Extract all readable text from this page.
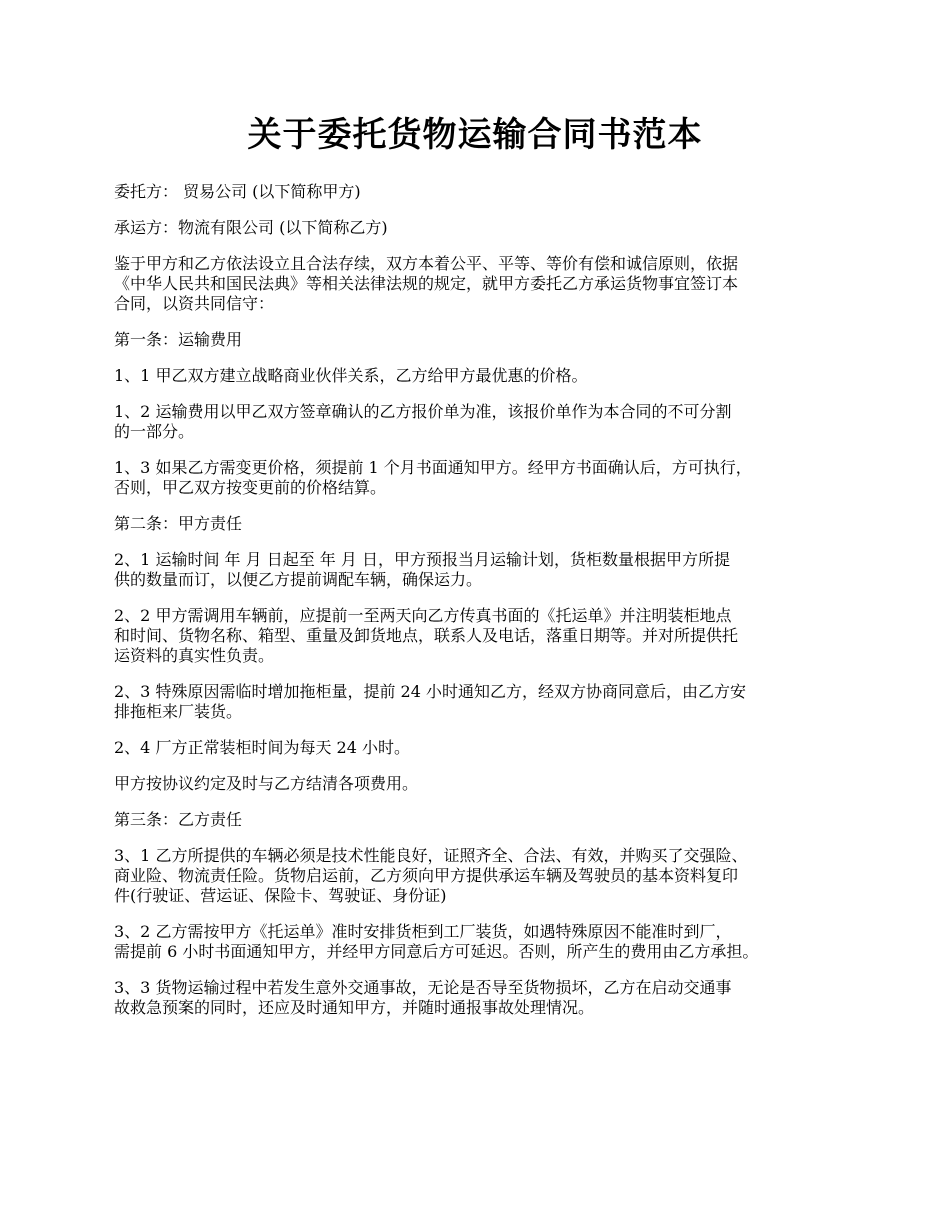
关于委托货物运输合同书范本

委托方： 贸易公司 (以下简称甲方)

承运方：物流有限公司 (以下简称乙方)

鉴于甲方和乙方依法设立且合法存续，双方本着公平、平等、等价有偿和诚信原则，依据
《中华人民共和国民法典》等相关法律法规的规定，就甲方委托乙方承运货物事宜签订本
合同，以资共同信守：

第一条：运输费用

1、1 甲乙双方建立战略商业伙伴关系，乙方给甲方最优惠的价格。

1、2 运输费用以甲乙双方签章确认的乙方报价单为准，该报价单作为本合同的不可分割
的一部分。

1、3 如果乙方需变更价格，须提前 1 个月书面通知甲方。经甲方书面确认后，方可执行，
否则，甲乙双方按变更前的价格结算。

第二条：甲方责任

2、1 运输时间 年 月 日起至 年 月 日，甲方预报当月运输计划，货柜数量根据甲方所提
供的数量而订，以便乙方提前调配车辆，确保运力。

2、2 甲方需调用车辆前，应提前一至两天向乙方传真书面的《托运单》并注明装柜地点
和时间、货物名称、箱型、重量及卸货地点，联系人及电话，落重日期等。并对所提供托
运资料的真实性负责。

2、3 特殊原因需临时增加拖柜量，提前 24 小时通知乙方，经双方协商同意后，由乙方安
排拖柜来厂装货。

2、4 厂方正常装柜时间为每天 24 小时。

甲方按协议约定及时与乙方结清各项费用。

第三条：乙方责任

3、1 乙方所提供的车辆必须是技术性能良好，证照齐全、合法、有效，并购买了交强险、
商业险、物流责任险。货物启运前，乙方须向甲方提供承运车辆及驾驶员的基本资料复印
件(行驶证、营运证、保险卡、驾驶证、身份证)

3、2 乙方需按甲方《托运单》准时安排货柜到工厂装货，如遇特殊原因不能准时到厂，
需提前 6 小时书面通知甲方，并经甲方同意后方可延迟。否则，所产生的费用由乙方承担。

3、3 货物运输过程中若发生意外交通事故，无论是否导至货物损坏，乙方在启动交通事
故救急预案的同时，还应及时通知甲方，并随时通报事故处理情况。
